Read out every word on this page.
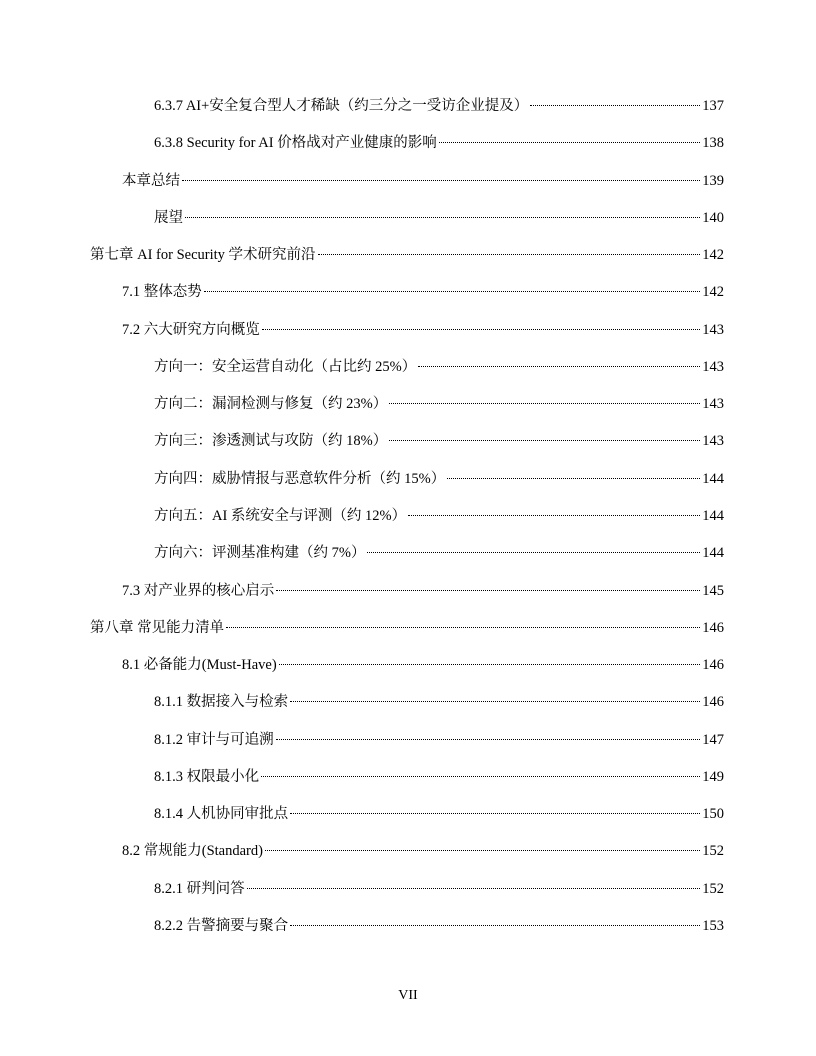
6.3.7 AI+安全复合型人才稀缺（约三分之一受访企业提及）	137
6.3.8 Security for AI 价格战对产业健康的影响	138
本章总结	139
展望	140
第七章 AI for Security 学术研究前沿	142
7.1 整体态势	142
7.2 六大研究方向概览	143
方向一：安全运营自动化（占比约 25%）	143
方向二：漏洞检测与修复（约 23%）	143
方向三：渗透测试与攻防（约 18%）	143
方向四：威胁情报与恶意软件分析（约 15%）	144
方向五：AI 系统安全与评测（约 12%）	144
方向六：评测基准构建（约 7%）	144
7.3 对产业界的核心启示	145
第八章 常见能力清单	146
8.1 必备能力(Must-Have)	146
8.1.1 数据接入与检索	146
8.1.2 审计与可追溯	147
8.1.3 权限最小化	149
8.1.4 人机协同审批点	150
8.2 常规能力(Standard)	152
8.2.1 研判问答	152
8.2.2 告警摘要与聚合	153
VII
